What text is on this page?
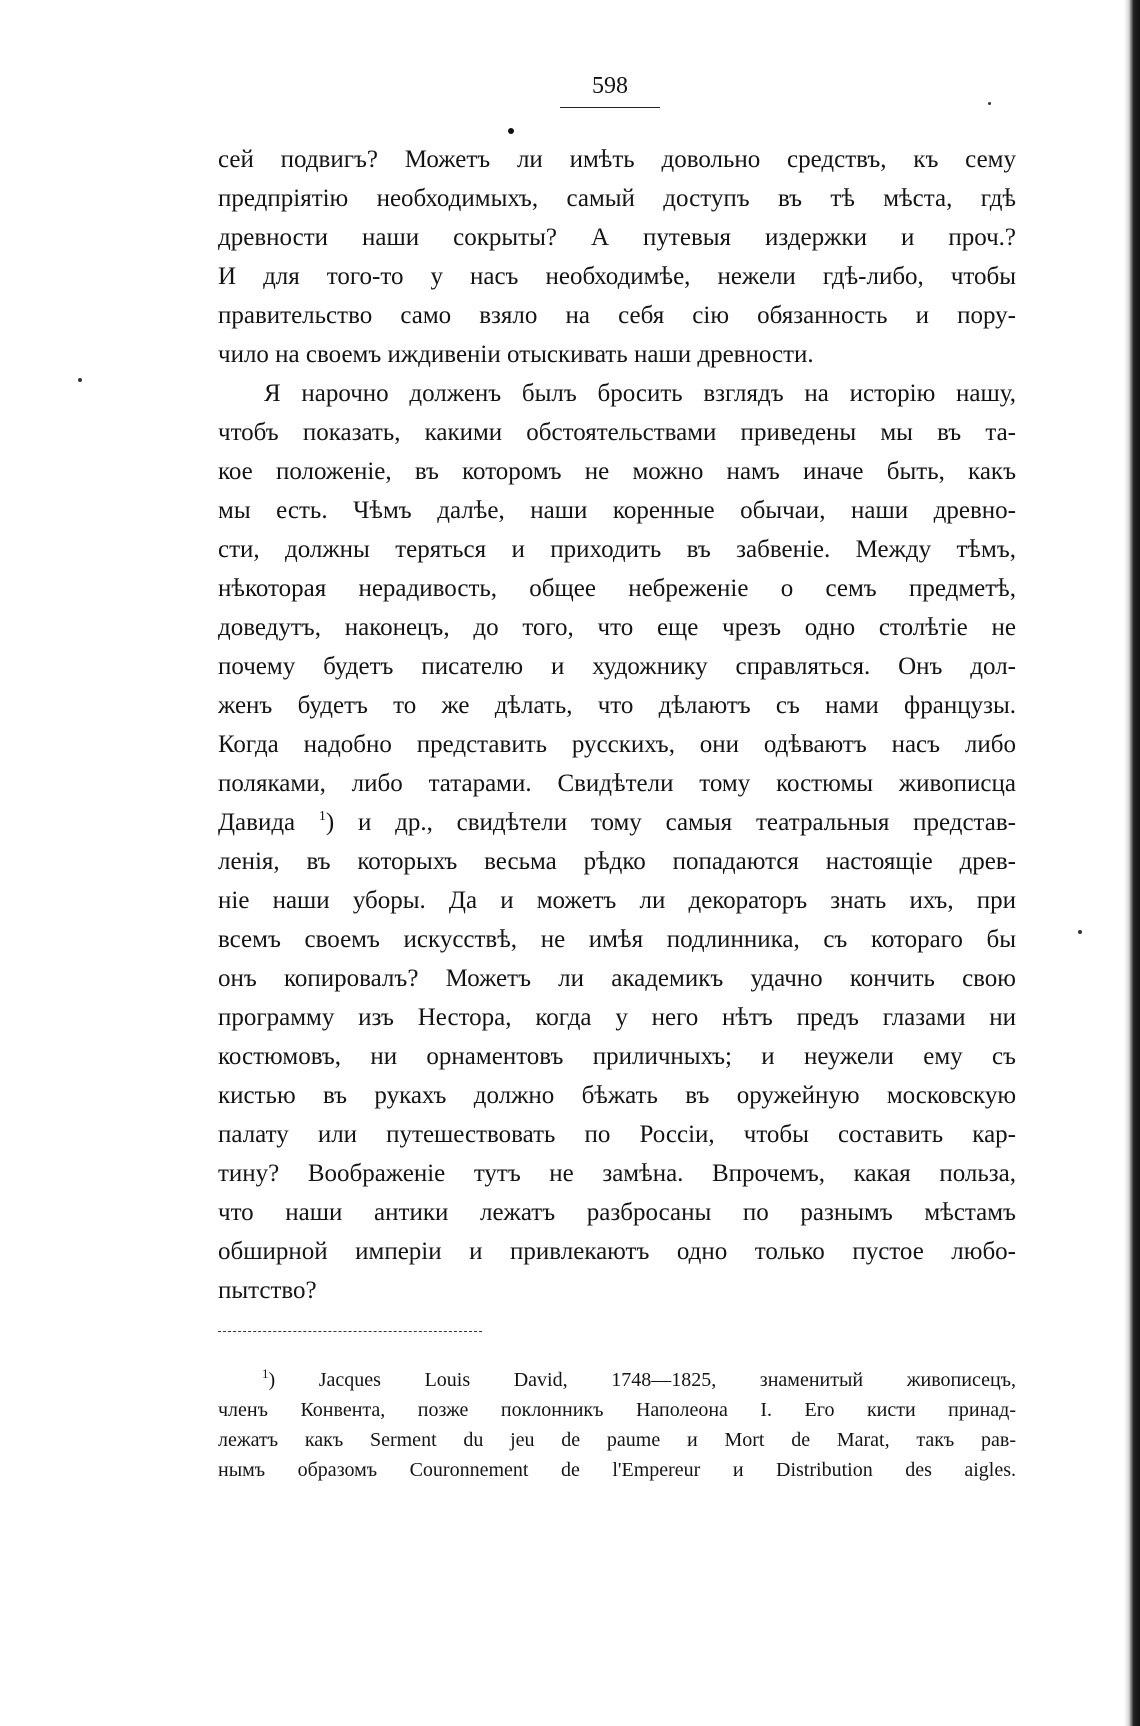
598
сей подвигъ? Можетъ ли имѣть довольно средствъ, къ сему
предпріятію необходимыхъ, самый доступъ въ тѣ мѣста, гдѣ
древности наши сокрыты? А путевыя издержки и проч.?
И для того-то у насъ необходимѣе, нежели гдѣ-либо, чтобы
правительство само взяло на себя сію обязанность и пору-
чило на своемъ иждивеніи отыскивать наши древности.
Я нарочно долженъ былъ бросить взглядъ на исторію нашу,
чтобъ показать, какими обстоятельствами приведены мы въ та-
кое положеніе, въ которомъ не можно намъ иначе быть, какъ
мы есть. Чѣмъ далѣе, наши коренные обычаи, наши древно-
сти, должны теряться и приходить въ забвеніе. Между тѣмъ,
нѣкоторая нерадивость, общее небреженіе о семъ предметѣ,
доведутъ, наконецъ, до того, что еще чрезъ одно столѣтіе не
почему будетъ писателю и художнику справляться. Онъ дол-
женъ будетъ то же дѣлать, что дѣлаютъ съ нами французы.
Когда надобно представить русскихъ, они одѣваютъ насъ либо
поляками, либо татарами. Свидѣтели тому костюмы живописца
Давида $^1$) и др., свидѣтели тому самыя театральныя представ-
ленія, въ которыхъ весьма рѣдко попадаются настоящіе древ-
ніе наши уборы. Да и можетъ ли декораторъ знать ихъ, при
всемъ своемъ искусствѣ, не имѣя подлинника, съ котораго бы
онъ копировалъ? Можетъ ли академикъ удачно кончить свою
программу изъ Нестора, когда у него нѣтъ предъ глазами ни
костюмовъ, ни орнаментовъ приличныхъ; и неужели ему съ
кистью въ рукахъ должно бѣжать въ оружейную московскую
палату или путешествовать по Россіи, чтобы составить кар-
тину? Воображеніе тутъ не замѣна. Впрочемъ, какая польза,
что наши антики лежатъ разбросаны по разнымъ мѣстамъ
обширной имперіи и привлекаютъ одно только пустое любо-
пытство?
$^1$) Jacques Louis David, 1748—1825, знаменитый живописецъ,
членъ Конвента, позже поклонникъ Наполеона I. Его кисти принад-
лежатъ какъ Serment du jeu de paume и Mort de Marat, такъ рав-
нымъ образомъ Couronnement de l'Empereur и Distribution des aigles.
